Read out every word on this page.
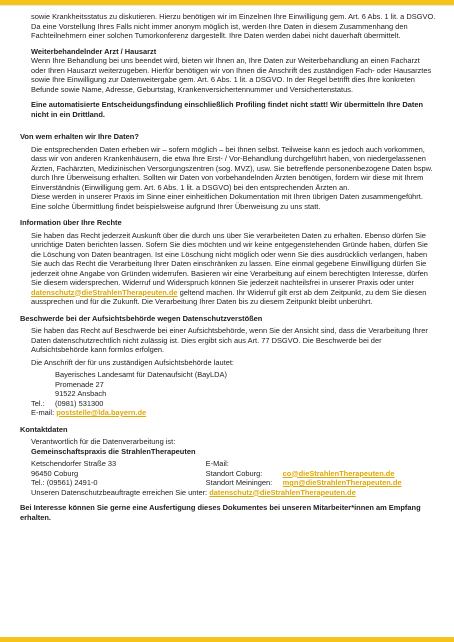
sowie Krankheitsstatus zu diskutieren. Hierzu benötigen wir im Einzelnen Ihre Einwilligung gem. Art. 6 Abs. 1 lit. a DSGVO. Da eine Vorstellung Ihres Falls nicht immer anonym möglich ist, werden Ihre Daten in diesem Zusammenhang den Fachteilnehmern einer solchen Tumorkonferenz dargestellt. Ihre Daten werden dabei nicht dauerhaft übermittelt.

Weiterbehandelnder Arzt / Hausarzt

Wenn Ihre Behandlung bei uns beendet wird, bieten wir Ihnen an, Ihre Daten zur Weiterbehandlung an einen Facharzt oder Ihren Hausarzt weiterzugeben. Hierfür benötigen wir von Ihnen die Anschrift des zuständigen Fach- oder Hausarztes sowie Ihre Einwilligung zur Datenweitergabe gem. Art. 6 Abs. 1 lit. a DSGVO. In der Regel betrifft dies Ihre konkreten Befunde sowie Name, Adresse, Geburtstag, Krankenversichertennummer und Versichertenstatus.

Eine automatisierte Entscheidungsfindung einschließlich Profiling findet nicht statt! Wir übermitteln Ihre Daten nicht in ein Drittland.

Von wem erhalten wir Ihre Daten?

Die entsprechenden Daten erheben wir – sofern möglich – bei Ihnen selbst. Teilweise kann es jedoch auch vorkommen, dass wir von anderen Krankenhäusern, die etwa Ihre Erst- / Vor-Behandlung durchgeführt haben, von niedergelassenen Ärzten, Fachärzten, Medizinischen Versorgungszentren (sog. MVZ), usw. Sie betreffende personenbezogene Daten bspw. durch Ihre Überweisung erhalten. Sollten wir Daten von vorbehandelnden Ärzten benötigen, fordern wir diese mit Ihrem Einverständnis (Einwilligung gem. Art. 6 Abs. 1 lit. a DSGVO) bei den entsprechenden Ärzten an.

Diese werden in unserer Praxis im Sinne einer einheitlichen Dokumentation mit Ihren übrigen Daten zusammengeführt. Eine solche Übermittlung findet beispielsweise aufgrund Ihrer Überweisung zu uns statt.

Information über Ihre Rechte

Sie haben das Recht jederzeit Auskunft über die durch uns über Sie verarbeiteten Daten zu erhalten. Ebenso dürfen Sie unrichtige Daten berichten lassen. Sofern Sie dies möchten und wir keine entgegenstehenden Gründe haben, dürfen Sie die Löschung von Daten beantragen. Ist eine Löschung nicht möglich oder wenn Sie dies ausdrücklich verlangen, haben Sie auch das Recht die Verarbeitung Ihrer Daten einschränken zu lassen. Eine einmal gegebene Einwilligung dürfen Sie jederzeit ohne Angabe von Gründen widerrufen. Basieren wir eine Verarbeitung auf einem berechtigten Interesse, dürfen Sie diesem widersprechen. Widerruf und Widerspruch können Sie jederzeit nachteilsfrei in unserer Praxis oder unter datenschutz@dieStrahlenTherapeuten.de geltend machen. Ihr Widerruf gilt erst ab dem Zeitpunkt, zu dem Sie diesen aussprechen und für die Zukunft. Die Verarbeitung Ihrer Daten bis zu diesem Zeitpunkt bleibt unberührt.

Beschwerde bei der Aufsichtsbehörde wegen Datenschutzverstößen

Sie haben das Recht auf Beschwerde bei einer Aufsichtsbehörde, wenn Sie der Ansicht sind, dass die Verarbeitung Ihrer Daten datenschutzrechtlich nicht zulässig ist. Dies ergibt sich aus Art. 77 DSGVO. Die Beschwerde bei der Aufsichtsbehörde kann formlos erfolgen.

Die Anschrift der für uns zuständigen Aufsichtsbehörde lautet:

Bayerisches Landesamt für Datenaufsicht (BayLDA)

Promenade 27

91522 Ansbach

Tel.: (0981) 531300

E-mail: poststelle@lda.bayern.de

Kontaktdaten

Verantwortlich für die Datenverarbeitung ist:

Gemeinschaftspraxis die StrahlenTherapeuten

Ketschendorfer Straße 33

96450 Coburg

Tel.: (09561) 2491-0

E-Mail:

Standort Coburg:	co@dieStrahlenTherapeuten.de

Standort Meiningen: mgn@dieStrahlenTherapeuten.de

Unseren Datenschutzbeauftragte erreichen Sie unter: datenschutz@dieStrahlenTherapeuten.de

Bei Interesse können Sie gerne eine Ausfertigung dieses Dokumentes bei unseren Mitarbeiter*innen am Empfang erhalten.
